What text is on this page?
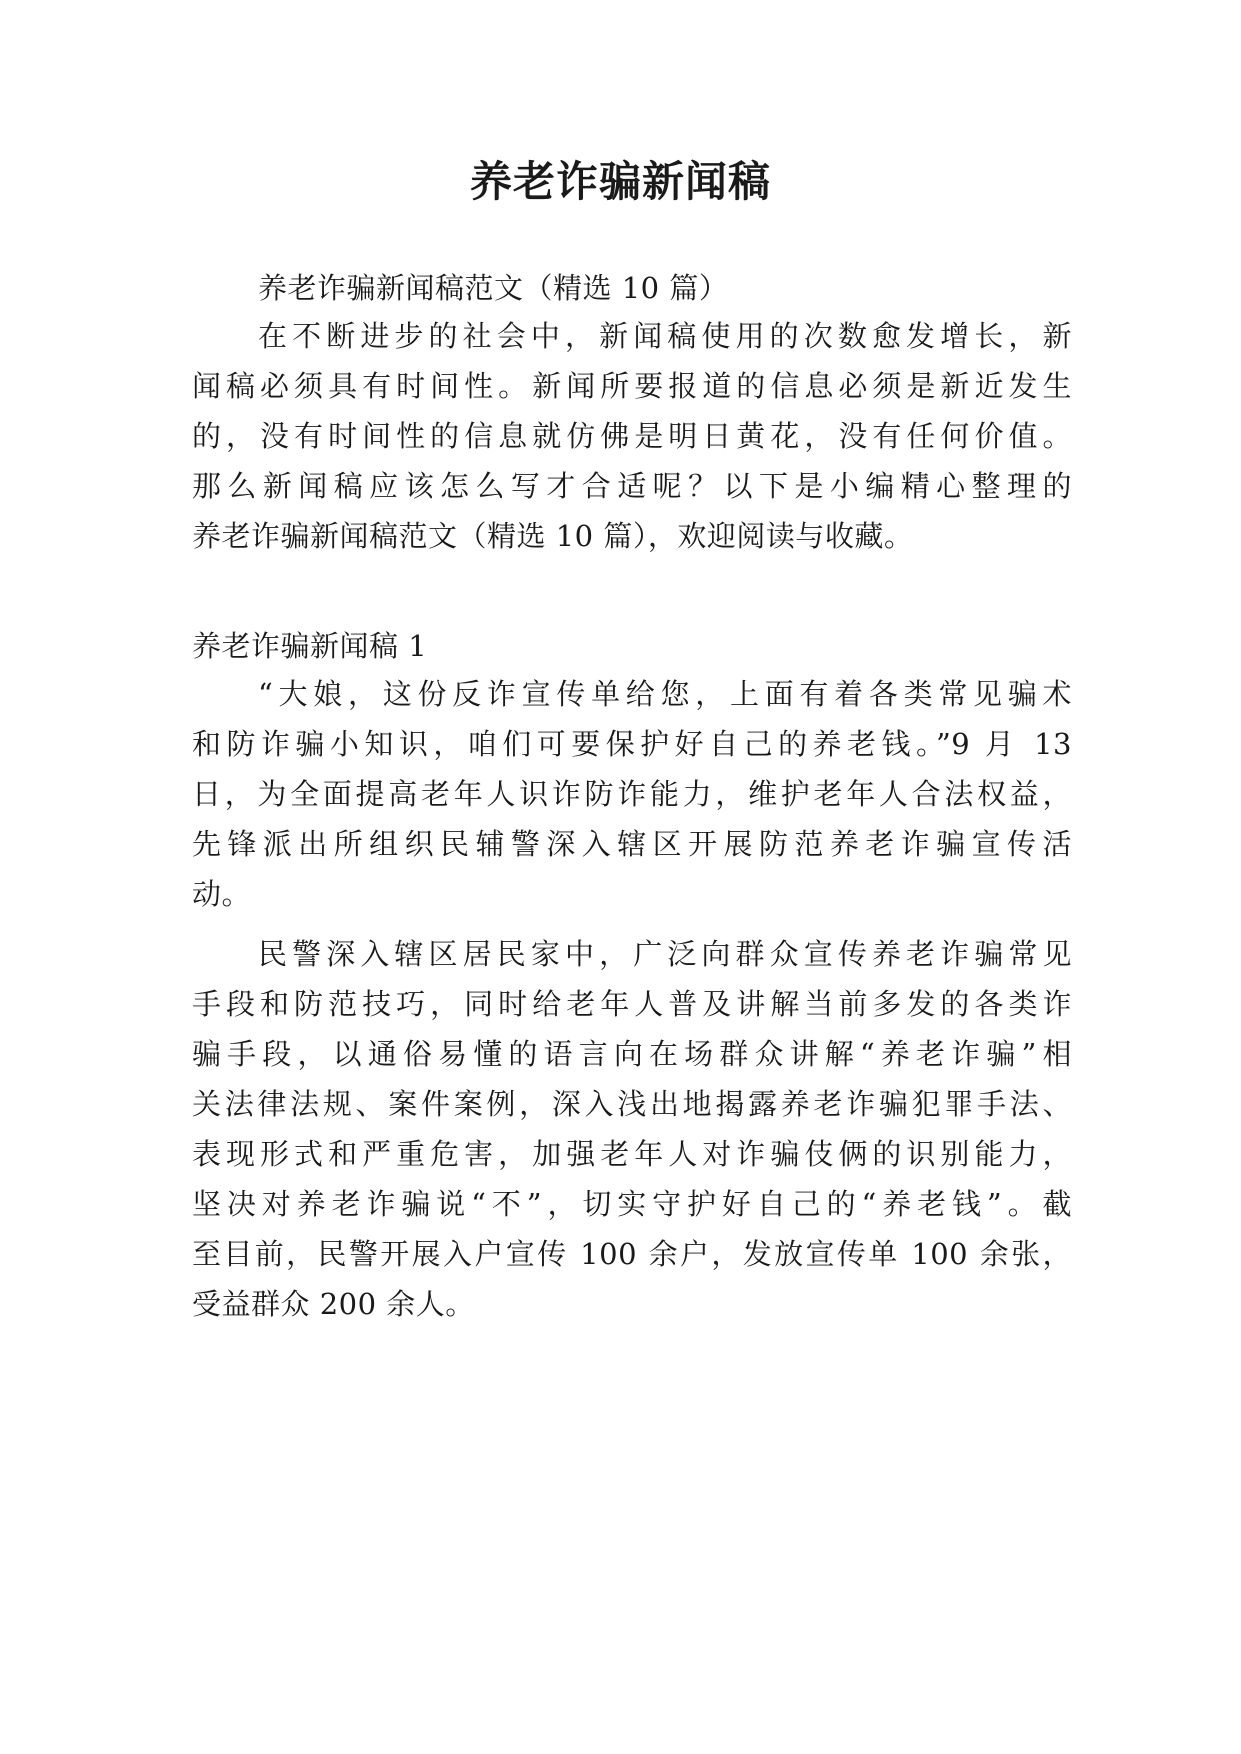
养老诈骗新闻稿

养老诈骗新闻稿范文（精选 10 篇）

在不断进步的社会中，新闻稿使用的次数愈发增长，新

闻稿必须具有时间性。新闻所要报道的信息必须是新近发生

的，没有时间性的信息就仿佛是明日黄花，没有任何价值。

那么新闻稿应该怎么写才合适呢？以下是小编精心整理的

养老诈骗新闻稿范文（精选 10 篇），欢迎阅读与收藏。

养老诈骗新闻稿 1

“大娘，这份反诈宣传单给您，上面有着各类常见骗术

和防诈骗小知识，咱们可要保护好自己的养老钱。”9 月 13

日，为全面提高老年人识诈防诈能力，维护老年人合法权益，

先锋派出所组织民辅警深入辖区开展防范养老诈骗宣传活

动。

民警深入辖区居民家中，广泛向群众宣传养老诈骗常见

手段和防范技巧，同时给老年人普及讲解当前多发的各类诈

骗手段，以通俗易懂的语言向在场群众讲解“养老诈骗”相

关法律法规、案件案例，深入浅出地揭露养老诈骗犯罪手法、

表现形式和严重危害，加强老年人对诈骗伎俩的识别能力，

坚决对养老诈骗说“不”，切实守护好自己的“养老钱”。截

至目前，民警开展入户宣传 100 余户，发放宣传单 100 余张，

受益群众 200 余人。
